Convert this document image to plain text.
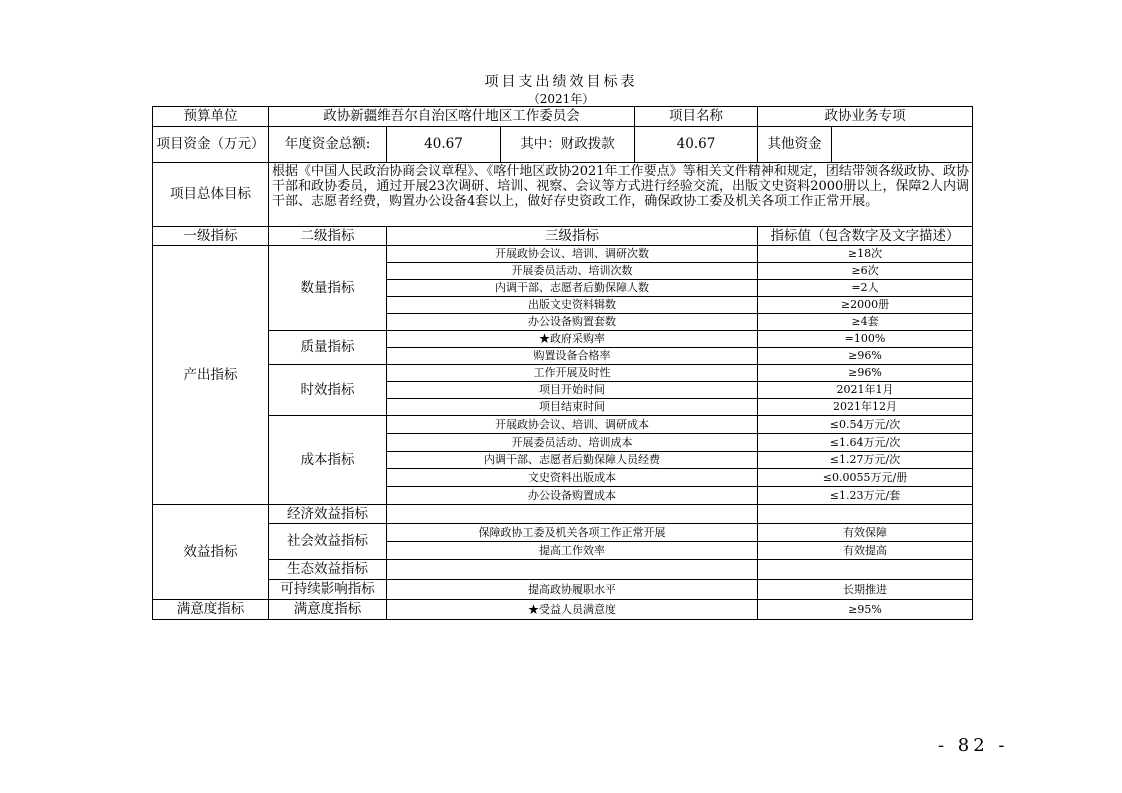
项目支出绩效目标表
（2021年）
预算单位	政协新疆维吾尔自治区喀什地区工作委员会	项目名称	政协业务专项
项目资金（万元）	年度资金总额:	40.67	其中：财政拨款	40.67	其他资金
项目总体目标
根据《中国人民政治协商会议章程》、《喀什地区政协2021年工作要点》等相关文件精神和规定，团结带领各级政协、政协干部和政协委员，通过开展23次调研、培训、视察、会议等方式进行经验交流，出版文史资料2000册以上，保障2人内调干部、志愿者经费，购置办公设备4套以上，做好存史资政工作，确保政协工委及机关各项工作正常开展。
一级指标	二级指标	三级指标	指标值（包含数字及文字描述）
产出指标
数量指标
开展政协会议、培训、调研次数	≥18次
开展委员活动、培训次数	≥6次
内调干部、志愿者后勤保障人数	=2人
出版文史资料辑数	≥2000册
办公设备购置套数	≥4套
质量指标
★政府采购率	=100%
购置设备合格率	≥96%
时效指标
工作开展及时性	≥96%
项目开始时间	2021年1月
项目结束时间	2021年12月
成本指标
开展政协会议、培训、调研成本	≤0.54万元/次
开展委员活动、培训成本	≤1.64万元/次
内调干部、志愿者后勤保障人员经费	≤1.27万元/次
文史资料出版成本	≤0.0055万元/册
办公设备购置成本	≤1.23万元/套
效益指标
经济效益指标
社会效益指标
保障政协工委及机关各项工作正常开展	有效保障
提高工作效率	有效提高
生态效益指标
可持续影响指标	提高政协履职水平	长期推进
满意度指标	满意度指标	★受益人员满意度	≥95%
- 82 -
